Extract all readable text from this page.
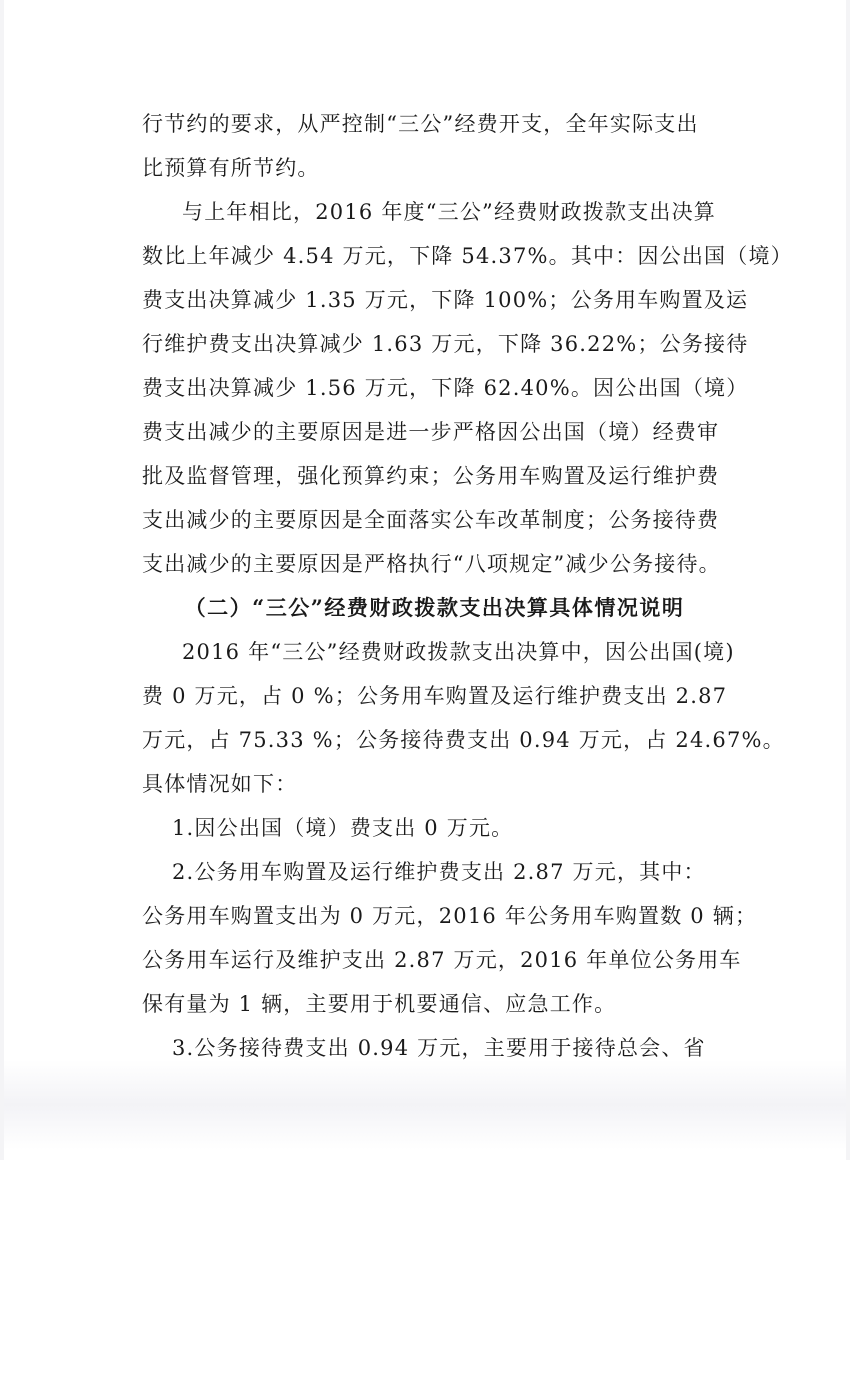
行节约的要求，从严控制“三公”经费开支，全年实际支出
比预算有所节约。
与上年相比，2016 年度“三公”经费财政拨款支出决算
数比上年减少 4.54 万元，下降 54.37%。其中：因公出国（境）
费支出决算减少 1.35 万元，下降 100%；公务用车购置及运
行维护费支出决算减少 1.63 万元，下降 36.22%；公务接待
费支出决算减少 1.56 万元，下降 62.40%。因公出国（境）
费支出减少的主要原因是进一步严格因公出国（境）经费审
批及监督管理，强化预算约束；公务用车购置及运行维护费
支出减少的主要原因是全面落实公车改革制度；公务接待费
支出减少的主要原因是严格执行“八项规定”减少公务接待。
（二）“三公”经费财政拨款支出决算具体情况说明
2016 年“三公”经费财政拨款支出决算中，因公出国(境)
费 0 万元，占 0 %；公务用车购置及运行维护费支出 2.87
万元，占 75.33 %；公务接待费支出 0.94 万元，占 24.67%。
具体情况如下：
1.因公出国（境）费支出 0 万元。
2.公务用车购置及运行维护费支出 2.87 万元，其中：
公务用车购置支出为 0 万元，2016 年公务用车购置数 0 辆；
公务用车运行及维护支出 2.87 万元，2016 年单位公务用车
保有量为 1 辆，主要用于机要通信、应急工作。
3.公务接待费支出 0.94 万元，主要用于接待总会、省
